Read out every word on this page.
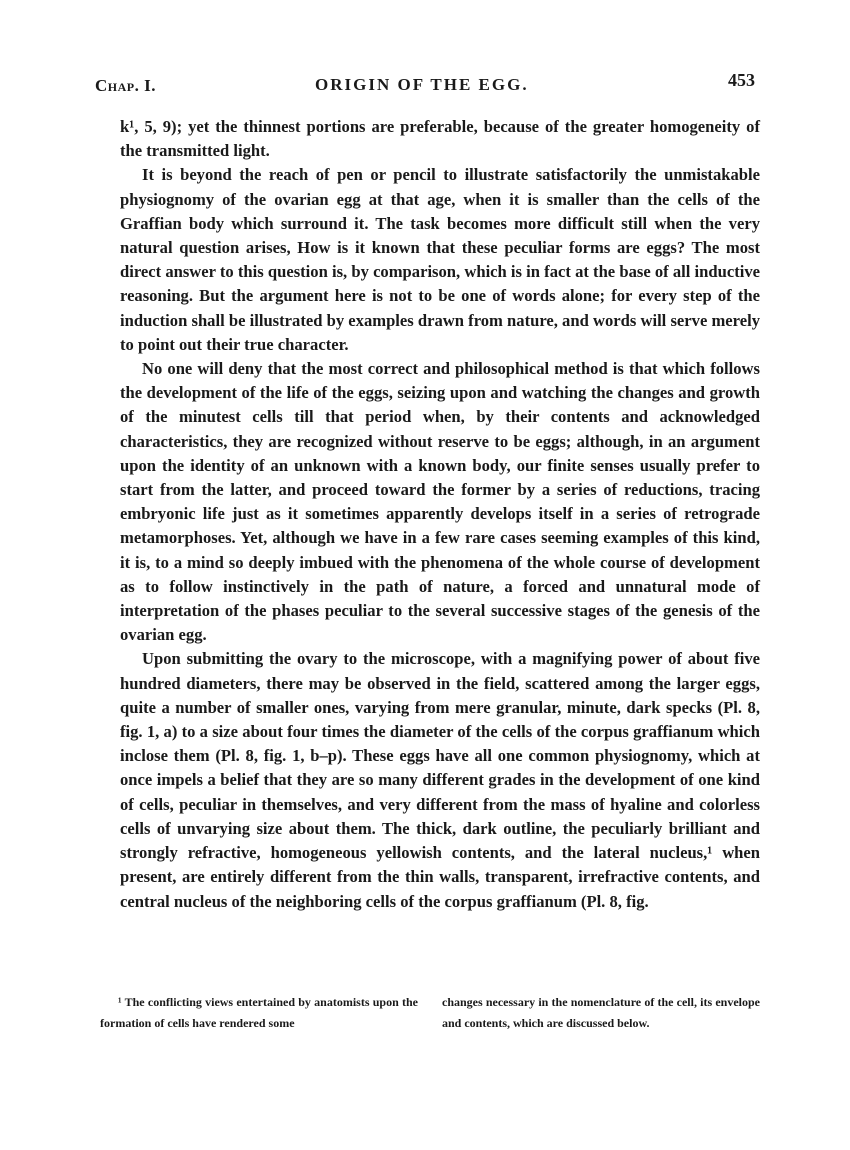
Chap. I.	ORIGIN OF THE EGG.	453

k¹, 5, 9); yet the thinnest portions are preferable, because of the greater homogeneity of the transmitted light.

It is beyond the reach of pen or pencil to illustrate satisfactorily the unmistakable physiognomy of the ovarian egg at that age, when it is smaller than the cells of the Graffian body which surround it. The task becomes more difficult still when the very natural question arises, How is it known that these peculiar forms are eggs? The most direct answer to this question is, by comparison, which is in fact at the base of all inductive reasoning. But the argument here is not to be one of words alone; for every step of the induction shall be illustrated by examples drawn from nature, and words will serve merely to point out their true character.

No one will deny that the most correct and philosophical method is that which follows the development of the life of the eggs, seizing upon and watching the changes and growth of the minutest cells till that period when, by their contents and acknowledged characteristics, they are recognized without reserve to be eggs; although, in an argument upon the identity of an unknown with a known body, our finite senses usually prefer to start from the latter, and proceed toward the former by a series of reductions, tracing embryonic life just as it sometimes apparently develops itself in a series of retrograde metamorphoses. Yet, although we have in a few rare cases seeming examples of this kind, it is, to a mind so deeply imbued with the phenomena of the whole course of development as to follow instinctively in the path of nature, a forced and unnatural mode of interpretation of the phases peculiar to the several successive stages of the genesis of the ovarian egg.

Upon submitting the ovary to the microscope, with a magnifying power of about five hundred diameters, there may be observed in the field, scattered among the larger eggs, quite a number of smaller ones, varying from mere granular, minute, dark specks (Pl. 8, fig. 1, a) to a size about four times the diameter of the cells of the corpus graffianum which inclose them (Pl. 8, fig. 1, b–p). These eggs have all one common physiognomy, which at once impels a belief that they are so many different grades in the development of one kind of cells, peculiar in themselves, and very different from the mass of hyaline and colorless cells of unvarying size about them. The thick, dark outline, the peculiarly brilliant and strongly refractive, homogeneous yellowish contents, and the lateral nucleus,¹ when present, are entirely different from the thin walls, transparent, irrefractive contents, and central nucleus of the neighboring cells of the corpus graffianum (Pl. 8, fig.

¹ The conflicting views entertained by anatomists upon the formation of cells have rendered some
changes necessary in the nomenclature of the cell, its envelope and contents, which are discussed below.
